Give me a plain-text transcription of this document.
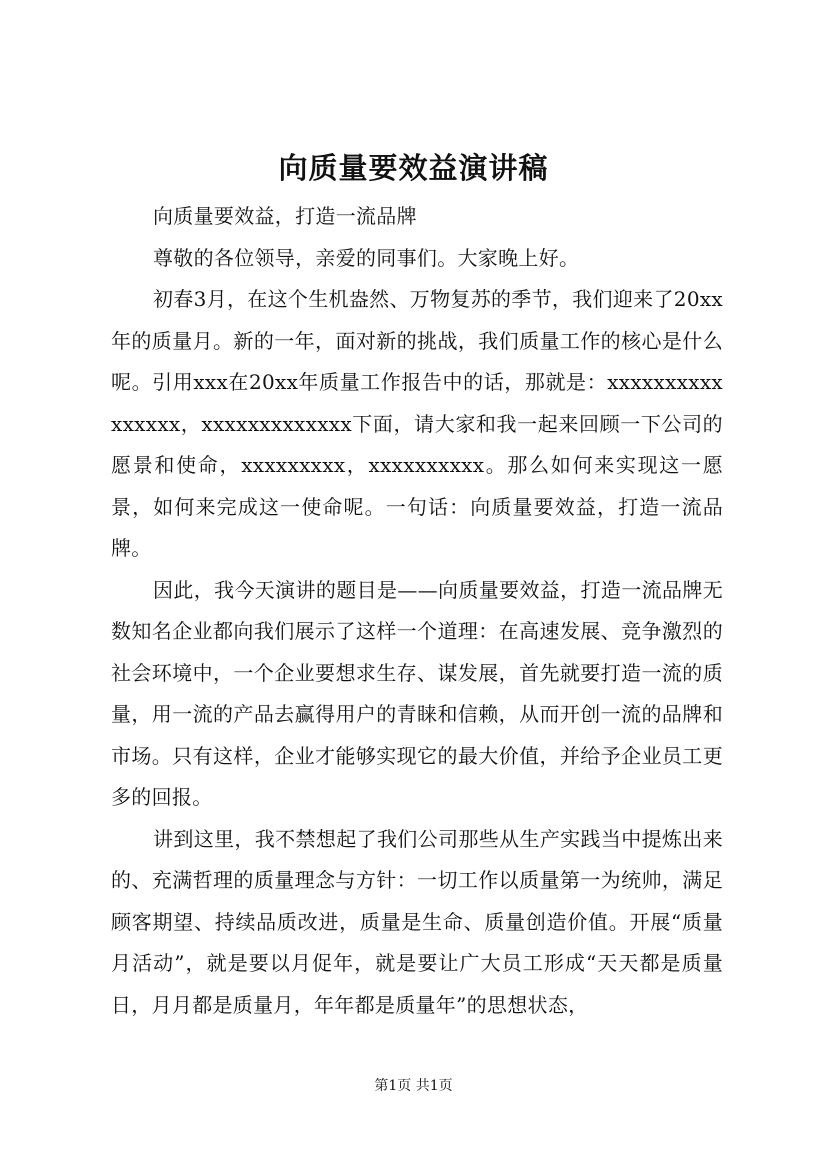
向质量要效益演讲稿

向质量要效益，打造一流品牌

尊敬的各位领导，亲爱的同事们。大家晚上好。

初春3月，在这个生机盎然、万物复苏的季节，我们迎来了20xx年的质量月。新的一年，面对新的挑战，我们质量工作的核心是什么呢。引用xxx在20xx年质量工作报告中的话，那就是：xxxxxxxxxxxxxxxx，xxxxxxxxxxxxx下面，请大家和我一起来回顾一下公司的愿景和使命，xxxxxxxxx，xxxxxxxxxx。那么如何来实现这一愿景，如何来完成这一使命呢。一句话：向质量要效益，打造一流品牌。

因此，我今天演讲的题目是——向质量要效益，打造一流品牌无数知名企业都向我们展示了这样一个道理：在高速发展、竞争激烈的社会环境中，一个企业要想求生存、谋发展，首先就要打造一流的质量，用一流的产品去赢得用户的青睐和信赖，从而开创一流的品牌和市场。只有这样，企业才能够实现它的最大价值，并给予企业员工更多的回报。

讲到这里，我不禁想起了我们公司那些从生产实践当中提炼出来的、充满哲理的质量理念与方针：一切工作以质量第一为统帅，满足顾客期望、持续品质改进，质量是生命、质量创造价值。开展“质量月活动”，就是要以月促年，就是要让广大员工形成“天天都是质量日，月月都是质量月，年年都是质量年”的思想状态，

第1页 共1页
